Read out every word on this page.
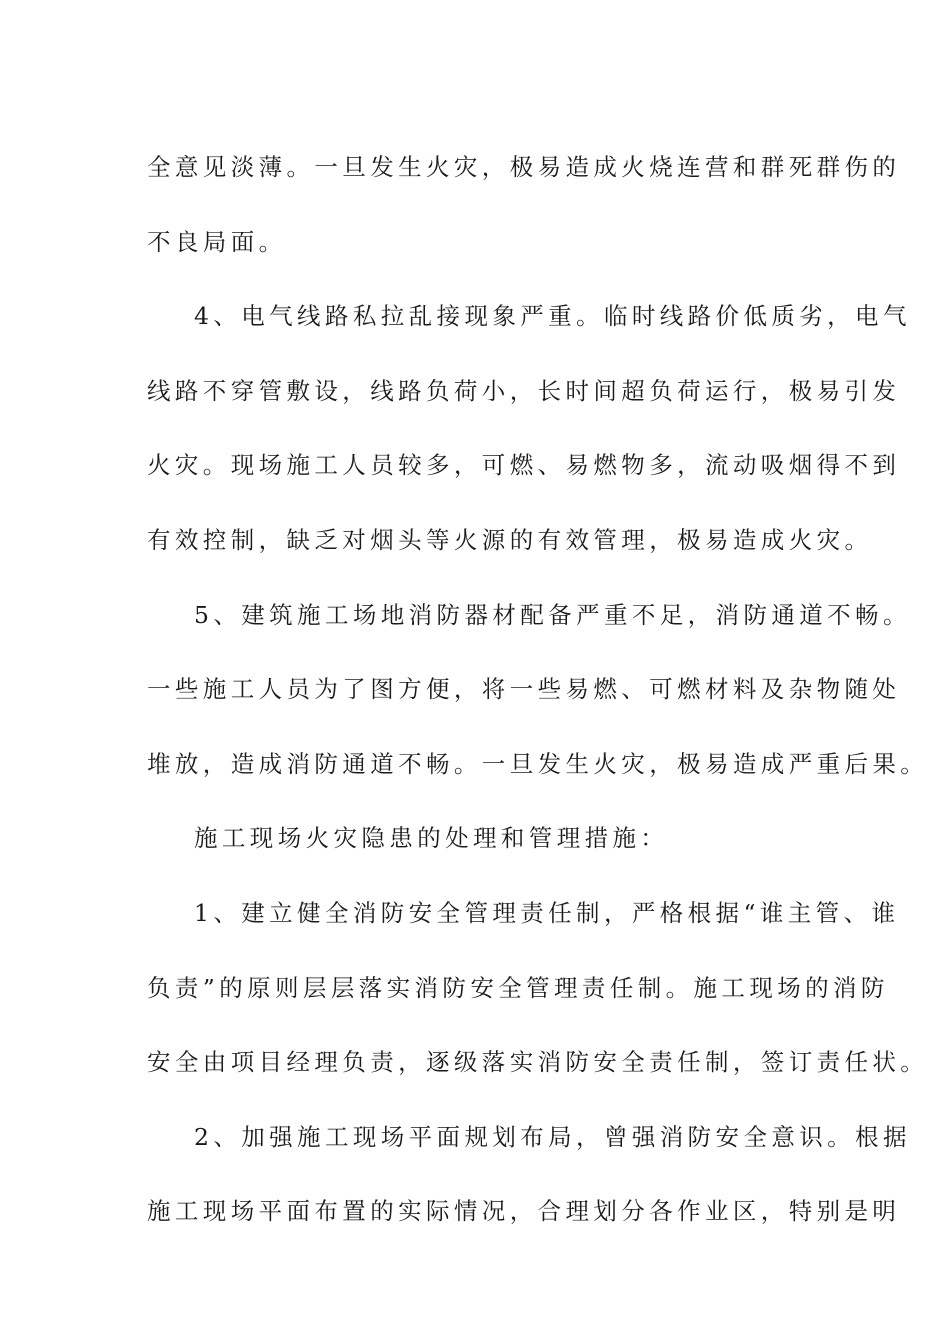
全意见淡薄。一旦发生火灾，极易造成火烧连营和群死群伤的
不良局面。
4、电气线路私拉乱接现象严重。临时线路价低质劣，电气
线路不穿管敷设，线路负荷小，长时间超负荷运行，极易引发
火灾。现场施工人员较多，可燃、易燃物多，流动吸烟得不到
有效控制，缺乏对烟头等火源的有效管理，极易造成火灾。
5、建筑施工场地消防器材配备严重不足，消防通道不畅。
一些施工人员为了图方便，将一些易燃、可燃材料及杂物随处
堆放，造成消防通道不畅。一旦发生火灾，极易造成严重后果。
施工现场火灾隐患的处理和管理措施：
1、建立健全消防安全管理责任制，严格根据“谁主管、谁
负责”的原则层层落实消防安全管理责任制。施工现场的消防
安全由项目经理负责，逐级落实消防安全责任制，签订责任状。
2、加强施工现场平面规划布局，曾强消防安全意识。根据
施工现场平面布置的实际情况，合理划分各作业区，特别是明
